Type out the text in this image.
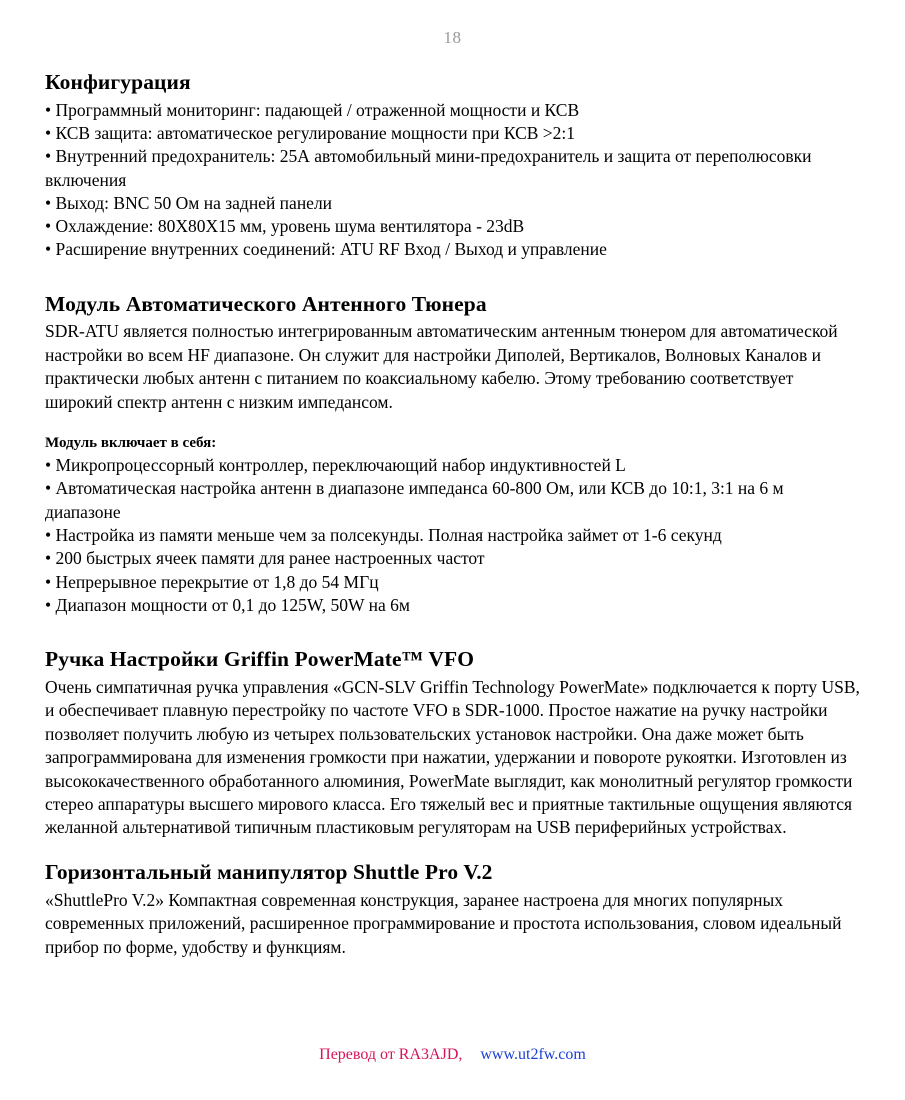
18
Конфигурация
• Программный мониторинг: падающей / отраженной мощности и КСВ
• КСВ защита: автоматическое регулирование мощности при КСВ >2:1
• Внутренний предохранитель: 25А автомобильный мини-предохранитель и защита от переполюсовки включения
• Выход: BNC 50 Ом на задней панели
• Охлаждение: 80X80X15 мм, уровень шума вентилятора - 23dB
• Расширение внутренних соединений: ATU RF Вход / Выход и управление
Модуль Автоматического Антенного Тюнера

SDR-ATU является полностью интегрированным автоматическим антенным тюнером для автоматической настройки во всем HF диапазоне. Он служит для настройки Диполей, Вертикалов, Волновых Каналов и практически любых антенн с питанием по коаксиальному кабелю. Этому требованию соответствует широкий спектр антенн с низким импедансом.

Модуль включает в себя:
• Микропроцессорный контроллер, переключающий набор индуктивностей L
• Автоматическая настройка антенн в диапазоне импеданса 60-800 Ом, или КСВ до 10:1, 3:1 на 6 м диапазоне
• Настройка из памяти меньше чем за полсекунды. Полная настройка займет от 1-6 секунд
• 200 быстрых ячеек памяти для ранее настроенных частот
• Непрерывное перекрытие от 1,8 до 54 МГц
• Диапазон мощности от 0,1 до 125W, 50W на 6м
Ручка Настройки Griffin PowerMate™ VFO

Очень симпатичная ручка управления «GCN-SLV Griffin Technology PowerMate» подключается к порту USB, и обеспечивает плавную перестройку по частоте VFO в SDR-1000. Простое нажатие на ручку настройки позволяет получить любую из четырех пользовательских установок настройки. Она даже может быть запрограммирована для изменения громкости при нажатии, удержании и повороте рукоятки. Изготовлен из высококачественного обработанного алюминия, PowerMate выглядит, как монолитный регулятор громкости стерео аппаратуры высшего мирового класса. Его тяжелый вес и приятные тактильные ощущения являются желанной альтернативой типичным пластиковым регуляторам на USB периферийных устройствах.

Горизонтальный манипулятор Shuttle Pro V.2

«ShuttlePro V.2» Компактная современная конструкция, заранее настроена для многих популярных современных приложений, расширенное программирование и простота использования, словом идеальный прибор по форме, удобству и функциям.

Перевод от RA3AJD, www.ut2fw.com
